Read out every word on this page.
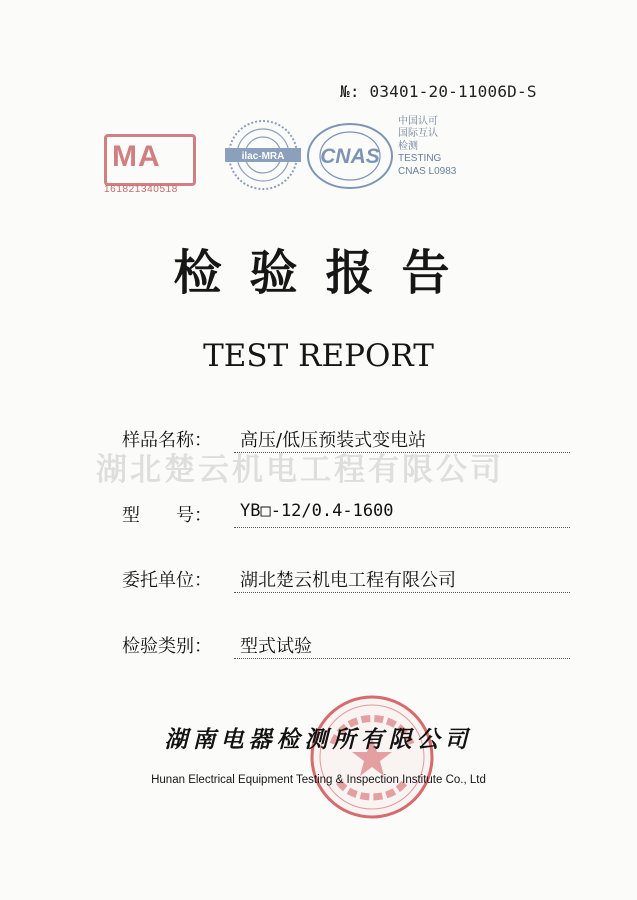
№: 03401-20-11006D-S
MA
161821340518
ilac-MRA CNAS
中国认可
国际互认
检测
TESTING
CNAS L0983
检验报告
TEST REPORT
样品名称： 高压/低压预装式变电站
湖北楚云机电工程有限公司
型　　号： YB□-12/0.4-1600
委托单位： 湖北楚云机电工程有限公司
检验类别： 型式试验
湖南电器检测所有限公司
Hunan Electrical Equipment Testing & Inspection Institute Co., Ltd
